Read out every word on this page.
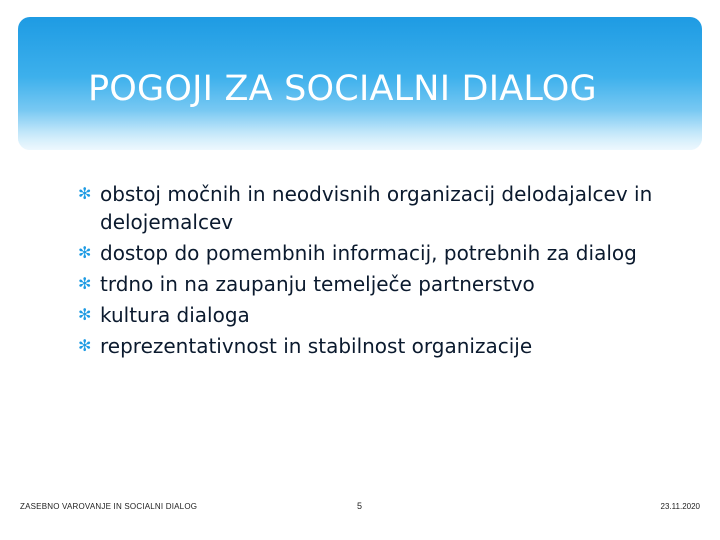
POGOJI ZA SOCIALNI DIALOG
✻ obstoj močnih in neodvisnih organizacij delodajalcev in delojemalcev
✻ dostop do pomembnih informacij, potrebnih za dialog
✻ trdno in na zaupanju temelječe partnerstvo
✻ kultura dialoga
✻ reprezentativnost in stabilnost organizacije
ZASEBNO VAROVANJE IN SOCIALNI DIALOG	5	23.11.2020
